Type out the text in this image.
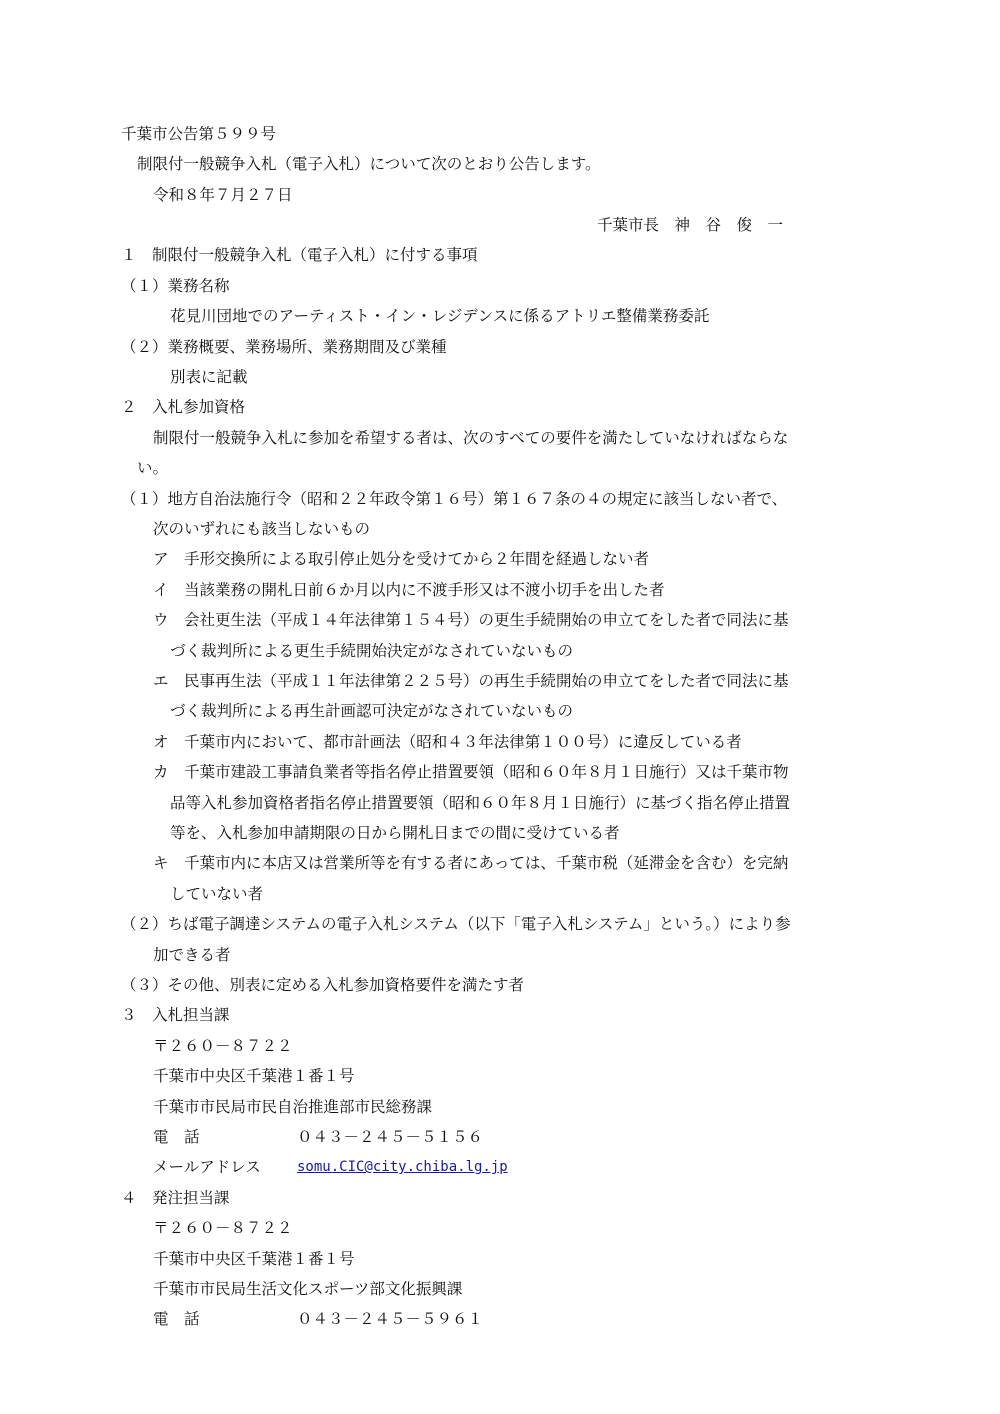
千葉市公告第５９９号
制限付一般競争入札（電子入札）について次のとおり公告します。
令和８年７月２７日
千葉市長　神　谷　俊　一
１　制限付一般競争入札（電子入札）に付する事項
（１）業務名称
花見川団地でのアーティスト・イン・レジデンスに係るアトリエ整備業務委託
（２）業務概要、業務場所、業務期間及び業種
別表に記載
２　入札参加資格
制限付一般競争入札に参加を希望する者は、次のすべての要件を満たしていなければならな
い。
（１）地方自治法施行令（昭和２２年政令第１６号）第１６７条の４の規定に該当しない者で、
次のいずれにも該当しないもの
ア　手形交換所による取引停止処分を受けてから２年間を経過しない者
イ　当該業務の開札日前６か月以内に不渡手形又は不渡小切手を出した者
ウ　会社更生法（平成１４年法律第１５４号）の更生手続開始の申立てをした者で同法に基
づく裁判所による更生手続開始決定がなされていないもの
エ　民事再生法（平成１１年法律第２２５号）の再生手続開始の申立てをした者で同法に基
づく裁判所による再生計画認可決定がなされていないもの
オ　千葉市内において、都市計画法（昭和４３年法律第１００号）に違反している者
カ　千葉市建設工事請負業者等指名停止措置要領（昭和６０年８月１日施行）又は千葉市物
品等入札参加資格者指名停止措置要領（昭和６０年８月１日施行）に基づく指名停止措置
等を、入札参加申請期限の日から開札日までの間に受けている者
キ　千葉市内に本店又は営業所等を有する者にあっては、千葉市税（延滞金を含む）を完納
していない者
（２）ちば電子調達システムの電子入札システム（以下「電子入札システム」という。）により参
加できる者
（３）その他、別表に定める入札参加資格要件を満たす者
３　入札担当課
〒２６０－８７２２
千葉市中央区千葉港１番１号
千葉市市民局市民自治推進部市民総務課
電　話	０４３－２４５－５１５６
メールアドレス	somu.CIC@city.chiba.lg.jp
４　発注担当課
〒２６０－８７２２
千葉市中央区千葉港１番１号
千葉市市民局生活文化スポーツ部文化振興課
電　話	０４３－２４５－５９６１
